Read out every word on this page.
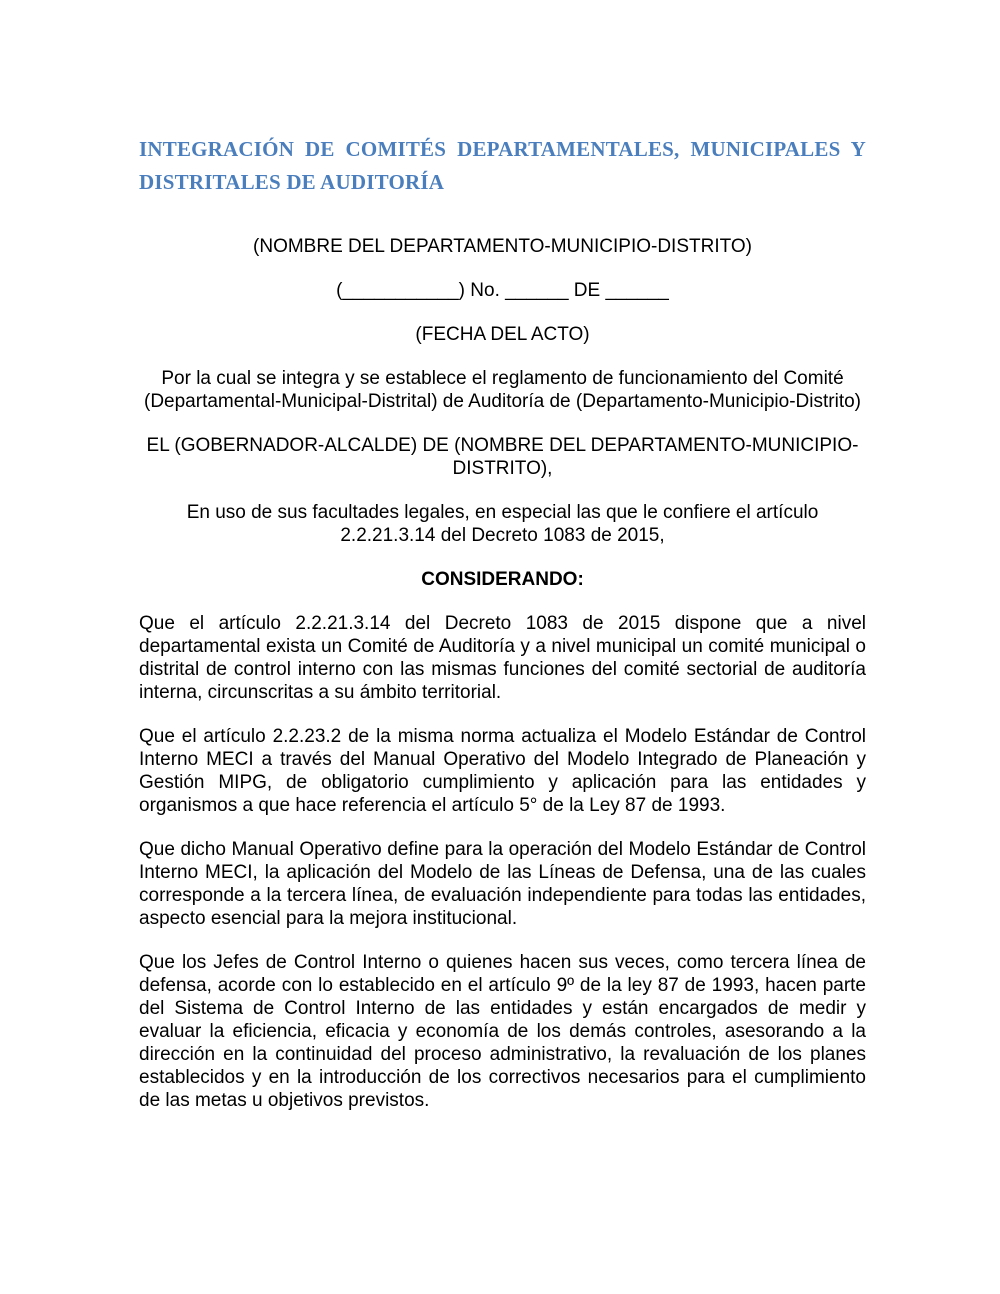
INTEGRACIÓN DE COMITÉS DEPARTAMENTALES, MUNICIPALES Y
DISTRITALES DE AUDITORÍA

(NOMBRE DEL DEPARTAMENTO-MUNICIPIO-DISTRITO)

(___________) No. ______ DE ______

(FECHA DEL ACTO)

Por la cual se integra y se establece el reglamento de funcionamiento del Comité (Departamental-Municipal-Distrital) de Auditoría de (Departamento-Municipio-Distrito)

EL (GOBERNADOR-ALCALDE) DE (NOMBRE DEL DEPARTAMENTO-MUNICIPIO-DISTRITO),

En uso de sus facultades legales, en especial las que le confiere el artículo 2.2.21.3.14 del Decreto 1083 de 2015,

CONSIDERANDO:

Que el artículo 2.2.21.3.14 del Decreto 1083 de 2015 dispone que a nivel departamental exista un Comité de Auditoría y a nivel municipal un comité municipal o distrital de control interno con las mismas funciones del comité sectorial de auditoría interna, circunscritas a su ámbito territorial.

Que el artículo 2.2.23.2 de la misma norma actualiza el Modelo Estándar de Control Interno MECI a través del Manual Operativo del Modelo Integrado de Planeación y Gestión MIPG, de obligatorio cumplimiento y aplicación para las entidades y organismos a que hace referencia el artículo 5° de la Ley 87 de 1993.

Que dicho Manual Operativo define para la operación del Modelo Estándar de Control Interno MECI, la aplicación del Modelo de las Líneas de Defensa, una de las cuales corresponde a la tercera línea, de evaluación independiente para todas las entidades, aspecto esencial para la mejora institucional.

Que los Jefes de Control Interno o quienes hacen sus veces, como tercera línea de defensa, acorde con lo establecido en el artículo 9º de la ley 87 de 1993, hacen parte del Sistema de Control Interno de las entidades y están encargados de medir y evaluar la eficiencia, eficacia y economía de los demás controles, asesorando a la dirección en la continuidad del proceso administrativo, la revaluación de los planes establecidos y en la introducción de los correctivos necesarios para el cumplimiento de las metas u objetivos previstos.
